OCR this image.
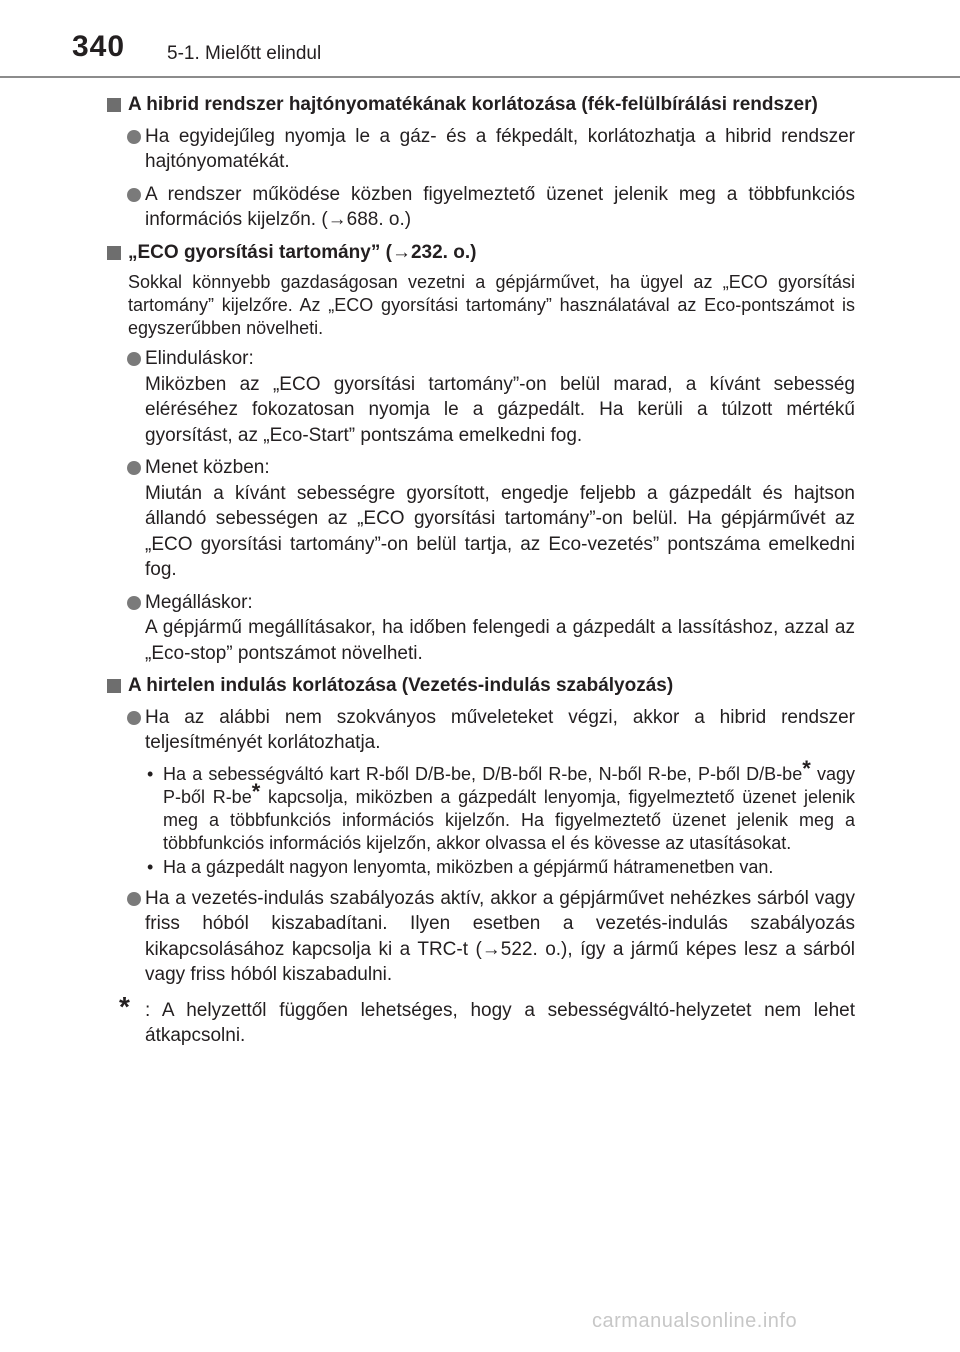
340 5-1. Mielőtt elindul
A hibrid rendszer hajtónyomatékának korlátozása (fék-felülbírálási rendszer)
Ha egyidejűleg nyomja le a gáz- és a fékpedált, korlátozhatja a hibrid rendszer hajtónyomatékát.
A rendszer működése közben figyelmeztető üzenet jelenik meg a többfunkciós információs kijelzőn. (→688. o.)
„ECO gyorsítási tartomány” (→232. o.)
Sokkal könnyebb gazdaságosan vezetni a gépjárművet, ha ügyel az „ECO gyorsítási tartomány” kijelzőre. Az „ECO gyorsítási tartomány” használatával az Eco-pontszámot is egyszerűbben növelheti.
Elinduláskor:
Miközben az „ECO gyorsítási tartomány”-on belül marad, a kívánt sebesség eléréséhez fokozatosan nyomja le a gázpedált. Ha kerüli a túlzott mértékű gyorsítást, az „Eco-Start” pontszáma emelkedni fog.
Menet közben:
Miután a kívánt sebességre gyorsított, engedje feljebb a gázpedált és hajtson állandó sebességen az „ECO gyorsítási tartomány”-on belül. Ha gépjárművét az „ECO gyorsítási tartomány”-on belül tartja, az Eco-vezetés” pontszáma emelkedni fog.
Megálláskor:
A gépjármű megállításakor, ha időben felengedi a gázpedált a lassításhoz, azzal az „Eco-stop” pontszámot növelheti.
A hirtelen indulás korlátozása (Vezetés-indulás szabályozás)
Ha az alábbi nem szokványos műveleteket végzi, akkor a hibrid rendszer teljesítményét korlátozhatja.
• Ha a sebességváltó kart R-ből D/B-be, D/B-ből R-be, N-ből R-be, P-ből D/B-be* vagy P-ből R-be* kapcsolja, miközben a gázpedált lenyomja, figyelmeztető üzenet jelenik meg a többfunkciós információs kijelzőn. Ha figyelmeztető üzenet jelenik meg a többfunkciós információs kijelzőn, akkor olvassa el és kövesse az utasításokat.
• Ha a gázpedált nagyon lenyomta, miközben a gépjármű hátramenetben van.
Ha a vezetés-indulás szabályozás aktív, akkor a gépjárművet nehézkes sárból vagy friss hóból kiszabadítani. Ilyen esetben a vezetés-indulás szabályozás kikapcsolásához kapcsolja ki a TRC-t (→522. o.), így a jármű képes lesz a sárból vagy friss hóból kiszabadulni.
* : A helyzettől függően lehetséges, hogy a sebességváltó-helyzetet nem lehet átkapcsolni.
carmanualsonline.info
